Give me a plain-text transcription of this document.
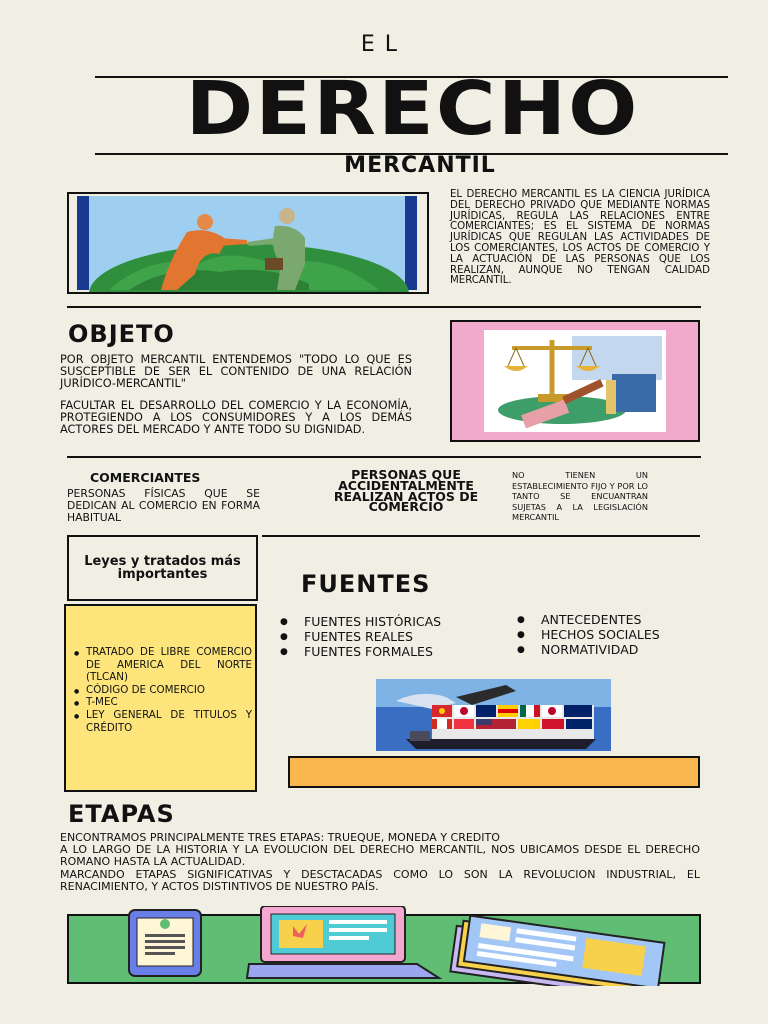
EL
DERECHO
MERCANTIL
EL DERECHO MERCANTIL ES LA CIENCIA JURÍDICA DEL DERECHO PRIVADO QUE MEDIANTE NORMAS JURÍDICAS, REGULA LAS RELACIONES ENTRE COMERCIANTES; ES EL SISTEMA DE NORMAS JURÍDICAS QUE REGULAN LAS ACTIVIDADES DE LOS COMERCIANTES, LOS ACTOS DE COMERCIO Y LA ACTUACIÓN DE LAS PERSONAS QUE LOS REALIZAN, AUNQUE NO TENGAN CALIDAD MERCANTIL.
OBJETO
POR OBJETO MERCANTIL ENTENDEMOS "TODO LO QUE ES SUSCEPTIBLE DE SER EL CONTENIDO DE UNA RELACIÓN JURÍDICO-MERCANTIL"
FACULTAR EL DESARROLLO DEL COMERCIO Y LA ECONOMÍA, PROTEGIENDO A LOS CONSUMIDORES Y A LOS DEMÁS ACTORES DEL MERCADO Y ANTE TODO SU DIGNIDAD.
COMERCIANTES
PERSONAS FÍSICAS QUE SE DEDICAN AL COMERCIO EN FORMA HABITUAL
PERSONAS QUE ACCIDENTALMENTE REALIZAN ACTOS DE COMERCIO
NO TIENEN UN ESTABLECIMIENTO FIJO Y POR LO TANTO SE ENCUANTRAN SUJETAS A LA LEGISLACIÓN MERCANTIL
Leyes y tratados más importantes
● TRATADO DE LIBRE COMERCIO DE AMERICA DEL NORTE (TLCAN)
● CÓDIGO DE COMERCIO
● T-MEC
● LEY GENERAL DE TITULOS Y CRÉDITO
FUENTES
● FUENTES HISTÓRICAS
● FUENTES REALES
● FUENTES FORMALES
● ANTECEDENTES
● HECHOS SOCIALES
● NORMATIVIDAD
ETAPAS
ENCONTRAMOS PRINCIPALMENTE TRES ETAPAS: TRUEQUE, MONEDA Y CREDITO
A LO LARGO DE LA HISTORIA Y LA EVOLUCION DEL DERECHO MERCANTIL, NOS UBICAMOS DESDE EL DERECHO ROMANO HASTA LA ACTUALIDAD.
MARCANDO ETAPAS SIGNIFICATIVAS Y DESCTACADAS COMO LO SON LA REVOLUCION INDUSTRIAL, EL RENACIMIENTO, Y ACTOS DISTINTIVOS DE NUESTRO PAÍS.
